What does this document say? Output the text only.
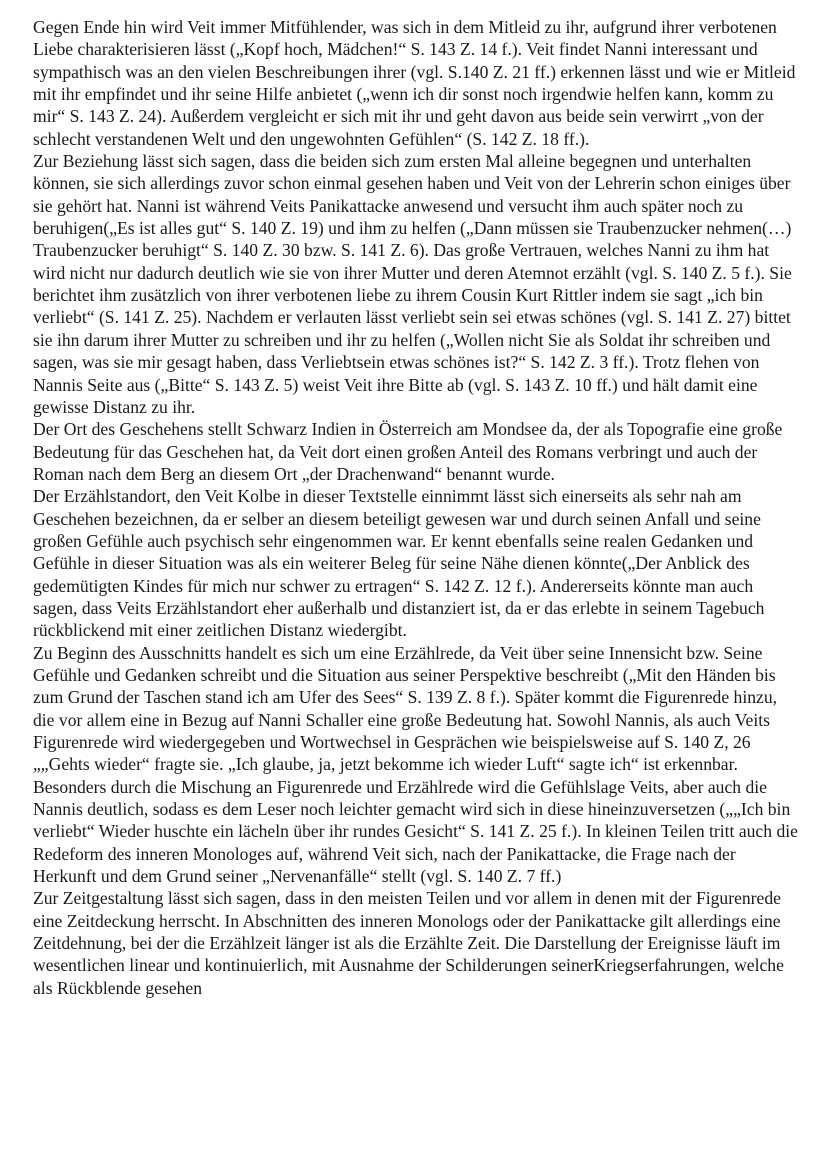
Gegen Ende hin wird Veit immer Mitfühlender, was sich in dem Mitleid zu ihr, aufgrund ihrer verbotenen Liebe charakterisieren lässt („Kopf hoch, Mädchen!“ S. 143 Z. 14 f.). Veit findet Nanni interessant und sympathisch was an den vielen Beschreibungen ihrer (vgl. S.140 Z. 21 ff.) erkennen lässt und wie er Mitleid mit ihr empfindet und ihr seine Hilfe anbietet („wenn ich dir sonst noch irgendwie helfen kann, komm zu mir“ S. 143 Z. 24). Außerdem vergleicht er sich mit ihr und geht davon aus beide sein verwirrt „von der schlecht verstandenen Welt und den ungewohnten Gefühlen“ (S. 142 Z. 18 ff.).

Zur Beziehung lässt sich sagen, dass die beiden sich zum ersten Mal alleine begegnen und unterhalten können, sie sich allerdings zuvor schon einmal gesehen haben und Veit von der Lehrerin schon einiges über sie gehört hat. Nanni ist während Veits Panikattacke anwesend und versucht ihm auch später noch zu beruhigen(„Es ist alles gut“ S. 140 Z. 19) und ihm zu helfen („Dann müssen sie Traubenzucker nehmen(…) Traubenzucker beruhigt“ S. 140 Z. 30 bzw. S. 141 Z. 6). Das große Vertrauen, welches Nanni zu ihm hat wird nicht nur dadurch deutlich wie sie von ihrer Mutter und deren Atemnot erzählt (vgl. S. 140 Z. 5 f.). Sie berichtet ihm zusätzlich von ihrer verbotenen liebe zu ihrem Cousin Kurt Rittler indem sie sagt „ich bin verliebt“ (S. 141 Z. 25). Nachdem er verlauten lässt verliebt sein sei etwas schönes (vgl. S. 141 Z. 27) bittet sie ihn darum ihrer Mutter zu schreiben und ihr zu helfen („Wollen nicht Sie als Soldat ihr schreiben und sagen, was sie mir gesagt haben, dass Verliebtsein etwas schönes ist?“ S. 142 Z. 3 ff.). Trotz flehen von Nannis Seite aus („Bitte“ S. 143 Z. 5) weist Veit ihre Bitte ab (vgl. S. 143 Z. 10 ff.) und hält damit eine gewisse Distanz zu ihr.

Der Ort des Geschehens stellt Schwarz Indien in Österreich am Mondsee da, der als Topografie eine große Bedeutung für das Geschehen hat, da Veit dort einen großen Anteil des Romans verbringt und auch der Roman nach dem Berg an diesem Ort „der Drachenwand“ benannt wurde.

Der Erzählstandort, den Veit Kolbe in dieser Textstelle einnimmt lässt sich einerseits als sehr nah am Geschehen bezeichnen, da er selber an diesem beteiligt gewesen war und durch seinen Anfall und seine großen Gefühle auch psychisch sehr eingenommen war. Er kennt ebenfalls seine realen Gedanken und Gefühle in dieser Situation was als ein weiterer Beleg für seine Nähe dienen könnte(„Der Anblick des gedemütigten Kindes für mich nur schwer zu ertragen“ S. 142 Z. 12 f.). Andererseits könnte man auch sagen, dass Veits Erzählstandort eher außerhalb und distanziert ist, da er das erlebte in seinem Tagebuch rückblickend mit einer zeitlichen Distanz wiedergibt.

Zu Beginn des Ausschnitts handelt es sich um eine Erzählrede, da Veit über seine Innensicht bzw. Seine Gefühle und Gedanken schreibt und die Situation aus seiner Perspektive beschreibt („Mit den Händen bis zum Grund der Taschen stand ich am Ufer des Sees“ S. 139 Z. 8 f.). Später kommt die Figurenrede hinzu, die vor allem eine in Bezug auf Nanni Schaller eine große Bedeutung hat. Sowohl Nannis, als auch Veits Figurenrede wird wiedergegeben und Wortwechsel in Gesprächen wie beispielsweise auf S. 140 Z, 26 „„Gehts wieder“ fragte sie. „Ich glaube, ja, jetzt bekomme ich wieder Luft“ sagte ich“ ist erkennbar. Besonders durch die Mischung an Figurenrede und Erzählrede wird die Gefühlslage Veits, aber auch die Nannis deutlich, sodass es dem Leser noch leichter gemacht wird sich in diese hineinzuversetzen („„Ich bin verliebt“ Wieder huschte ein lächeln über ihr rundes Gesicht“ S. 141 Z. 25 f.). In kleinen Teilen tritt auch die Redeform des inneren Monologes auf, während Veit sich, nach der Panikattacke, die Frage nach der Herkunft und dem Grund seiner „Nervenanfälle“ stellt (vgl. S. 140 Z. 7 ff.)

Zur Zeitgestaltung lässt sich sagen, dass in den meisten Teilen und vor allem in denen mit der Figurenrede eine Zeitdeckung herrscht. In Abschnitten des inneren Monologs oder der Panikattacke gilt allerdings eine Zeitdehnung, bei der die Erzählzeit länger ist als die Erzählte Zeit. Die Darstellung der Ereignisse läuft im wesentlichen linear und kontinuierlich, mit Ausnahme der Schilderungen seinerKriegserfahrungen, welche als Rückblende gesehen
